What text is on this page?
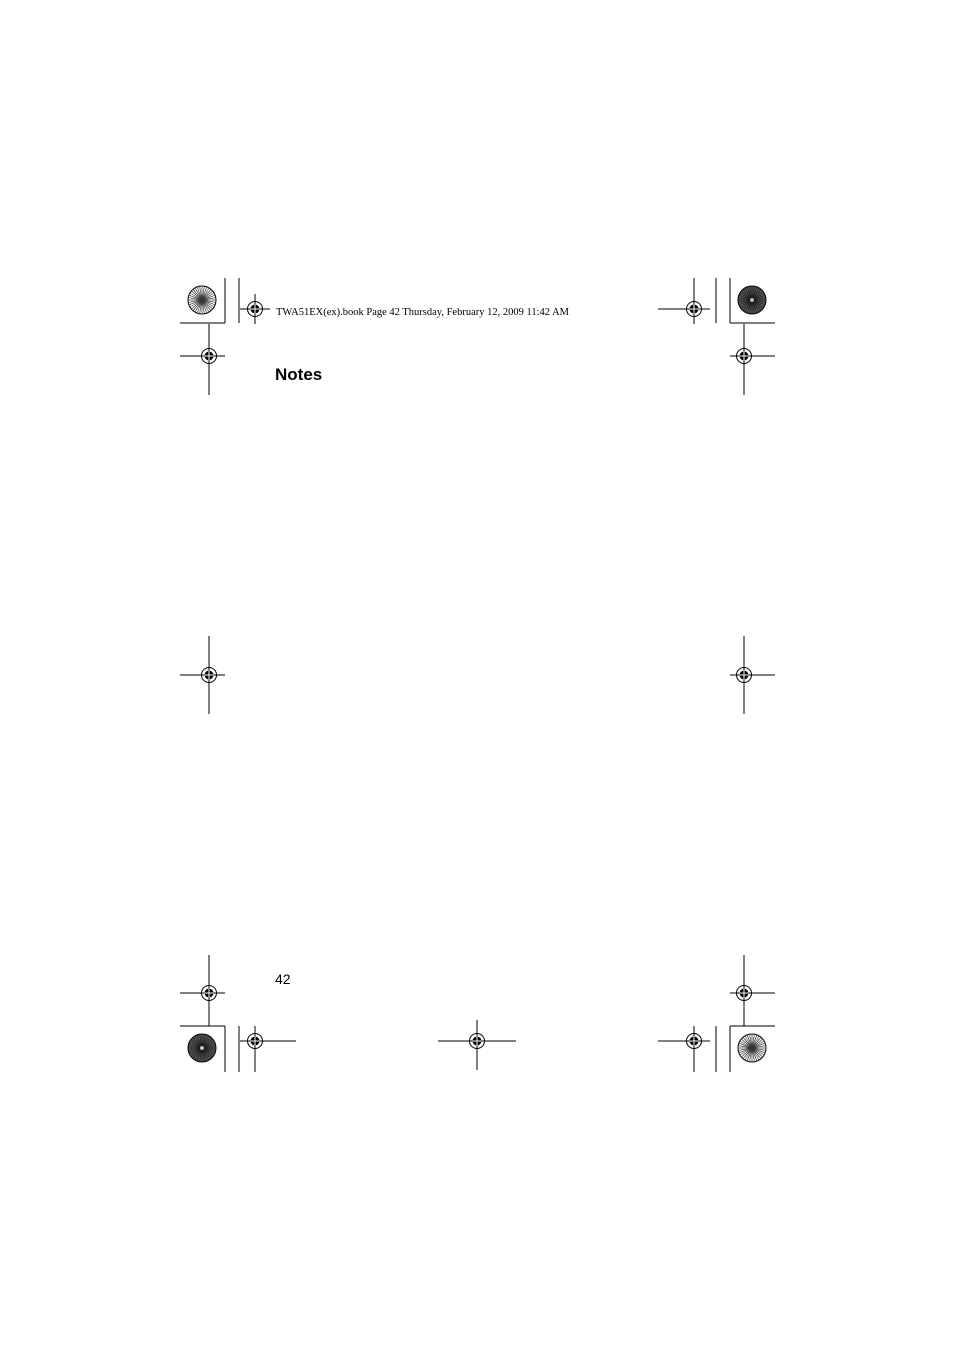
TWA51EX(ex).book Page 42 Thursday, February 12, 2009 11:42 AM
Notes
42
